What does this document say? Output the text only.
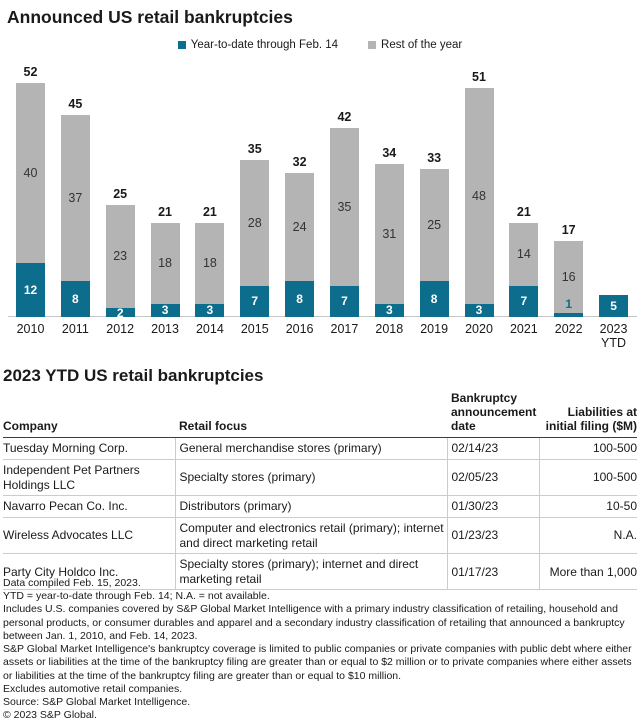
Announced US retail bankruptcies
Year-to-date through Feb. 14	Rest of the year
52
40
12
2010
45
37
8
2011
25
23
2
2012
21
18
3
2013
21
18
3
2014
35
28
7
2015
32
24
8
2016
42
35
7
2017
34
31
3
2018
33
25
8
2019
51
48
3
2020
21
14
7
2021
17
16
1
2022
5
2023 YTD
2023 YTD US retail bankruptcies
Company	Retail focus	Bankruptcy announcement date	Liabilities at initial filing ($M)
Tuesday Morning Corp.	General merchandise stores (primary)	02/14/23	100-500
Independent Pet Partners Holdings LLC	Specialty stores (primary)	02/05/23	100-500
Navarro Pecan Co. Inc.	Distributors (primary)	01/30/23	10-50
Wireless Advocates LLC	Computer and electronics retail (primary); internet and direct marketing retail	01/23/23	N.A.
Party City Holdco Inc.	Specialty stores (primary); internet and direct marketing retail	01/17/23	More than 1,000
Data compiled Feb. 15, 2023.
YTD = year-to-date through Feb. 14; N.A. = not available.
Includes U.S. companies covered by S&P Global Market Intelligence with a primary industry classification of retailing, household and personal products, or consumer durables and apparel and a secondary industry classification of retailing that announced a bankruptcy between Jan. 1, 2010, and Feb. 14, 2023.
S&P Global Market Intelligence's bankruptcy coverage is limited to public companies or private companies with public debt where either assets or liabilities at the time of the bankruptcy filing are greater than or equal to $2 million or to private companies where either assets or liabilities at the time of the bankruptcy filing are greater than or equal to $10 million.
Excludes automotive retail companies.
Source: S&P Global Market Intelligence.
© 2023 S&P Global.
